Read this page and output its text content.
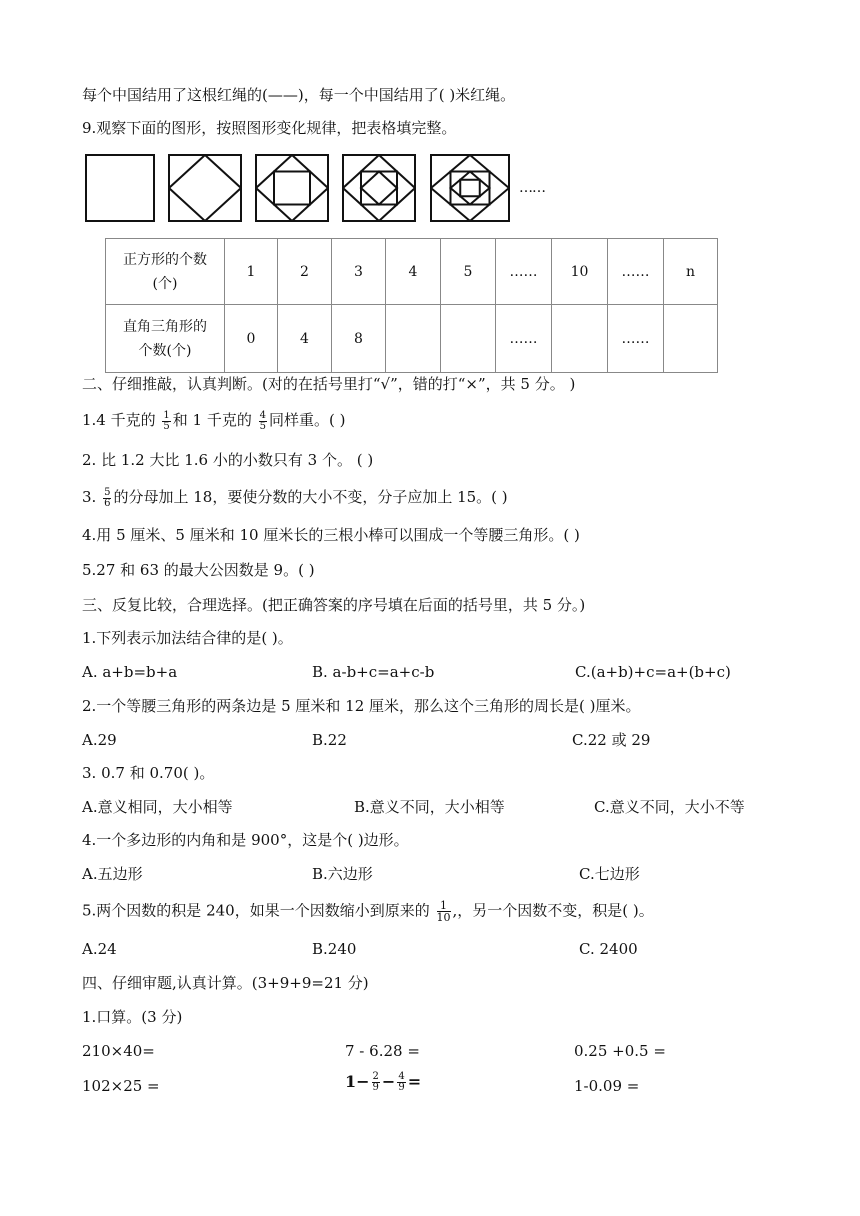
每个中国结用了这根红绳的(——)，每一个中国结用了( )米红绳。
9.观察下面的图形，按照图形变化规律，把表格填完整。
……
正方形的个数
(个)	1	2	3	4	5	……	10	……	n

直角三角形的
个数(个)	0	4	8			……		……	
二、仔细推敲，认真判断。(对的在括号里打“√”，错的打“×”，共 5 分。 )
1.4 千克的 $\frac{1}{5}$ 和 1 千克的 $\frac{4}{5}$ 同样重。( )
2. 比 1.2 大比 1.6 小的小数只有 3 个。 ( )
3. $\frac{5}{6}$ 的分母加上 18，要使分数的大小不变，分子应加上 15。( )
4.用 5 厘米、5 厘米和 10 厘米长的三根小棒可以围成一个等腰三角形。( )
5.27 和 63 的最大公因数是 9。( )
三、反复比较，合理选择。(把正确答案的序号填在后面的括号里，共 5 分。)
1.下列表示加法结合律的是( )。
A. a+b=b+a	B. a-b+c=a+c-b	C.(a+b)+c=a+(b+c)
2.一个等腰三角形的两条边是 5 厘米和 12 厘米，那么这个三角形的周长是( )厘米。
A.29	B.22	C.22 或 29
3. 0.7 和 0.70( )。
A.意义相同，大小相等	B.意义不同，大小相等	C.意义不同，大小不等
4.一个多边形的内角和是 900°，这是个( )边形。
A.五边形	B.六边形	C.七边形
5.两个因数的积是 240，如果一个因数缩小到原来的 $\frac{1}{10}$ ,，另一个因数不变，积是( )。
A.24	B.240	C. 2400
四、仔细审题,认真计算。(3+9+9=21 分)
1.口算。(3 分)
210×40=	7 - 6.28 =	0.25 +0.5 =
102×25 =	$1- \frac{2}{9} - \frac{4}{9}$ =	1-0.09 =
